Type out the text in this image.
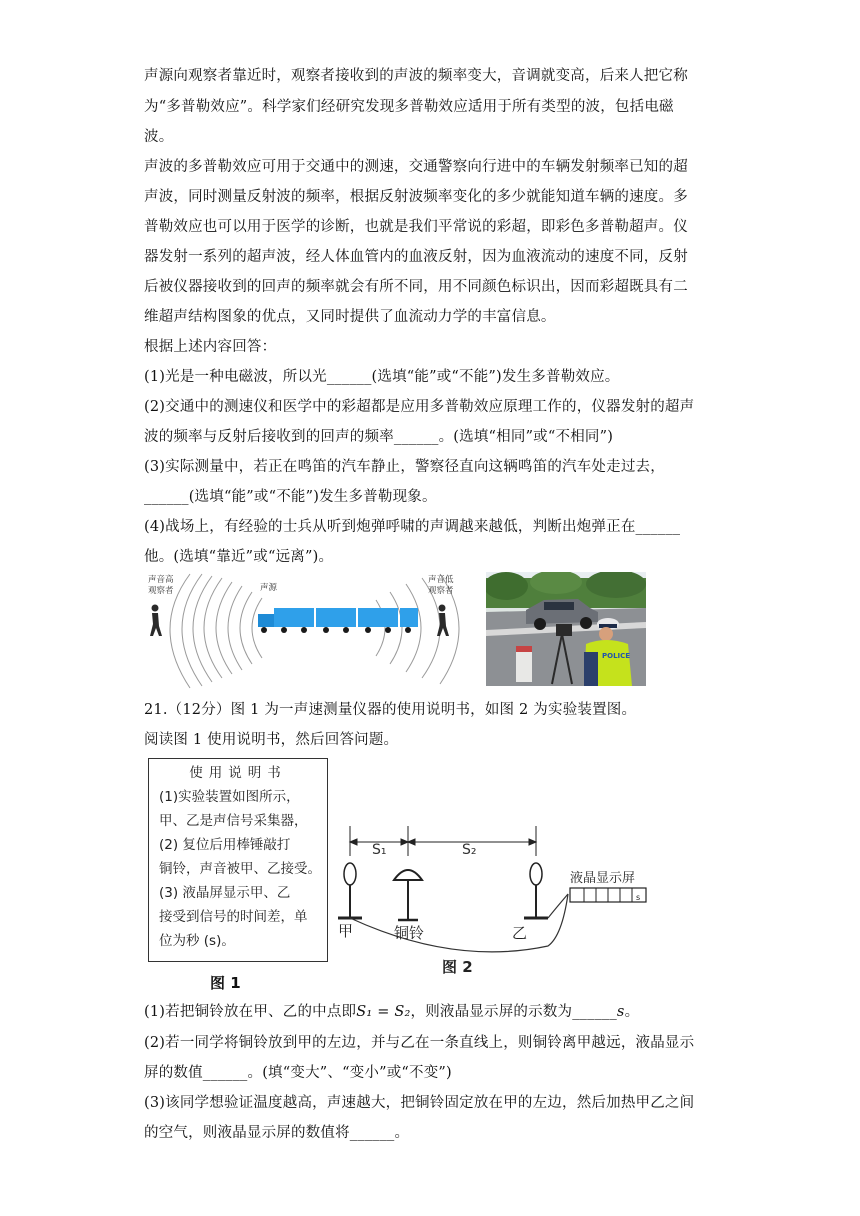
声源向观察者靠近时，观察者接收到的声波的频率变大，音调就变高，后来人把它称
为“多普勒效应”。科学家们经研究发现多普勒效应适用于所有类型的波，包括电磁
波。
声波的多普勒效应可用于交通中的测速，交通警察向行进中的车辆发射频率已知的超
声波，同时测量反射波的频率，根据反射波频率变化的多少就能知道车辆的速度。多
普勒效应也可以用于医学的诊断，也就是我们平常说的彩超，即彩色多普勒超声。仪
器发射一系列的超声波，经人体血管内的血液反射，因为血液流动的速度不同，反射
后被仪器接收到的回声的频率就会有所不同，用不同颜色标识出，因而彩超既具有二
维超声结构图象的优点，又同时提供了血流动力学的丰富信息。
根据上述内容回答：
(1)光是一种电磁波，所以光______(选填“能”或“不能”)发生多普勒效应。
(2)交通中的测速仪和医学中的彩超都是应用多普勒效应原理工作的，仪器发射的超声
波的频率与反射后接收到的回声的频率______。(选填“相同”或“不相同”)
(3)实际测量中，若正在鸣笛的汽车静止，警察径直向这辆鸣笛的汽车处走过去，
______(选填“能”或“不能”)发生多普勒现象。
(4)战场上，有经验的士兵从听到炮弹呼啸的声调越来越低，判断出炮弹正在______
他。(选填“靠近”或“远离”)。
声音高
观察者	声源
声音低
观察者
POLICE
21.（12分）图 1 为一声速测量仪器的使用说明书，如图 2 为实验装置图。
阅读图 1 使用说明书，然后回答问题。
使用说明书
(1)实验装置如图所示，
甲、乙是声信号采集器，
(2) 复位后用棒锤敲打
铜铃，声音被甲、乙接受。
(3) 液晶屏显示甲、乙
接受到信号的时间差，单
位为秒 (s)。
图 1
S₁	S₂
液晶显示屏
s
甲	铜铃	乙
图 2
(1)若把铜铃放在甲、乙的中点即S₁ = S₂，则液晶显示屏的示数为______s。
(2)若一同学将铜铃放到甲的左边，并与乙在一条直线上，则铜铃离甲越远，液晶显示
屏的数值______。(填“变大”、“变小”或“不变”)
(3)该同学想验证温度越高，声速越大，把铜铃固定放在甲的左边，然后加热甲乙之间
的空气，则液晶显示屏的数值将______。
